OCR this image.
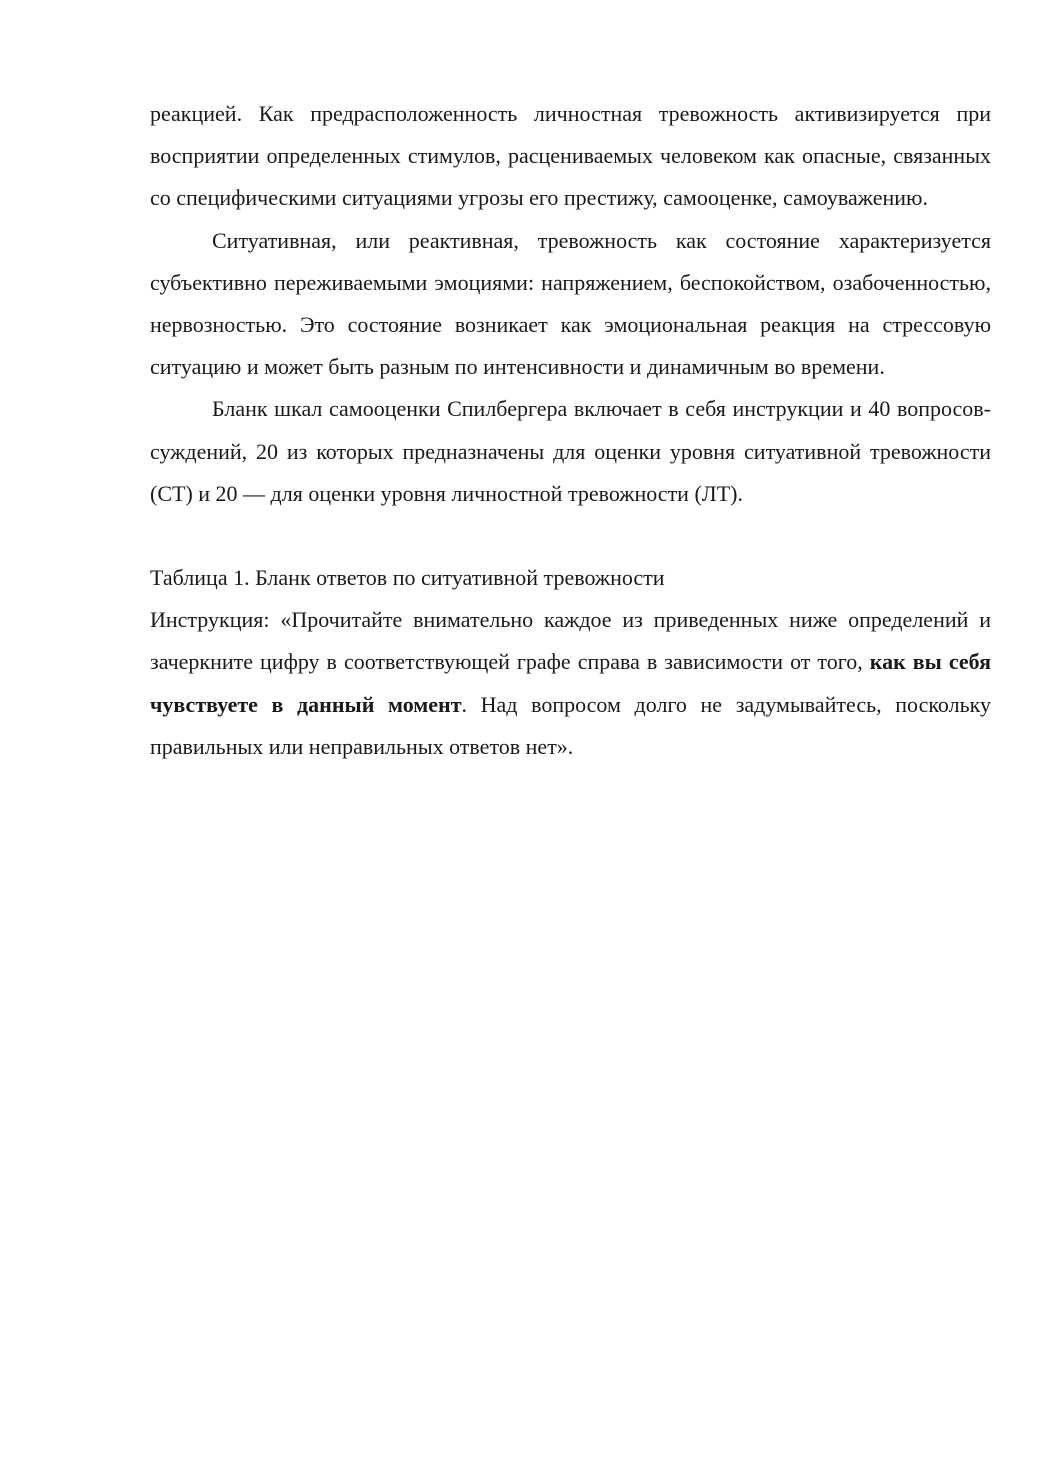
реакцией. Как предрасположенность личностная тревожность активизируется при восприятии определенных стимулов, расцениваемых человеком как опасные, связанных со специфическими ситуациями угрозы его престижу, самооценке, самоуважению.

Ситуативная, или реактивная, тревожность как состояние характеризуется субъективно переживаемыми эмоциями: напряжением, беспокойством, озабоченностью, нервозностью. Это состояние возникает как эмоциональная реакция на стрессовую ситуацию и может быть разным по интенсивности и динамичным во времени.

Бланк шкал самооценки Спилбергера включает в себя инструкции и 40 вопросов-суждений, 20 из которых предназначены для оценки уровня ситуативной тревожности (СТ) и 20 — для оценки уровня личностной тревожности (ЛТ).

Таблица 1. Бланк ответов по ситуативной тревожности

Инструкция: «Прочитайте внимательно каждое из приведенных ниже определений и зачеркните цифру в соответствующей графе справа в зависимости от того, как вы себя чувствуете в данный момент. Над вопросом долго не задумывайтесь, поскольку правильных или неправильных ответов нет».
